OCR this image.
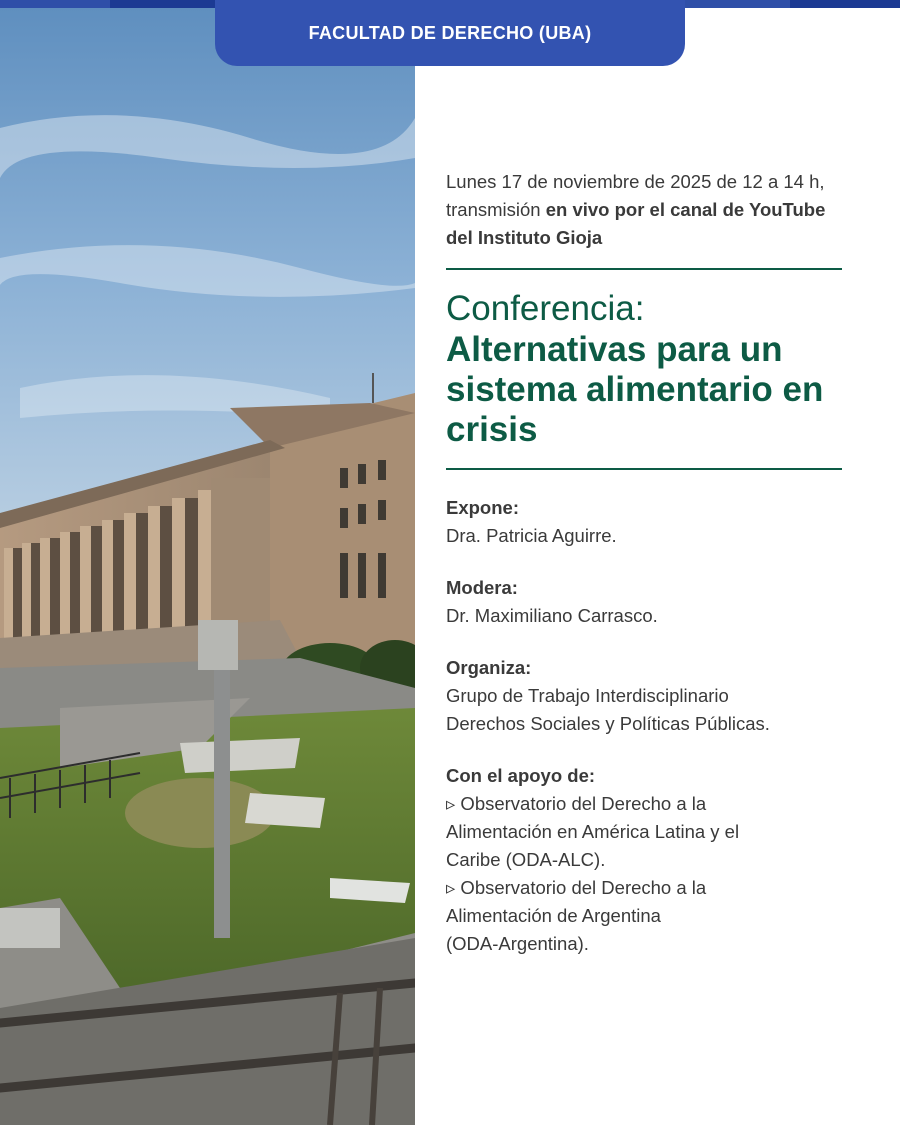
FACULTAD DE DERECHO (UBA)

Lunes 17 de noviembre de 2025 de 12 a 14 h, transmisión en vivo por el canal de YouTube del Instituto Gioja

Conferencia:
Alternativas para un sistema alimentario en crisis
Expone:
Dra. Patricia Aguirre.
Modera:
Dr. Maximiliano Carrasco.
Organiza:
Grupo de Trabajo Interdisciplinario
Derechos Sociales y Políticas Públicas.
Con el apoyo de:
▹ Observatorio del Derecho a la
Alimentación en América Latina y el
Caribe (ODA-ALC).
▹ Observatorio del Derecho a la
Alimentación de Argentina
(ODA-Argentina).
